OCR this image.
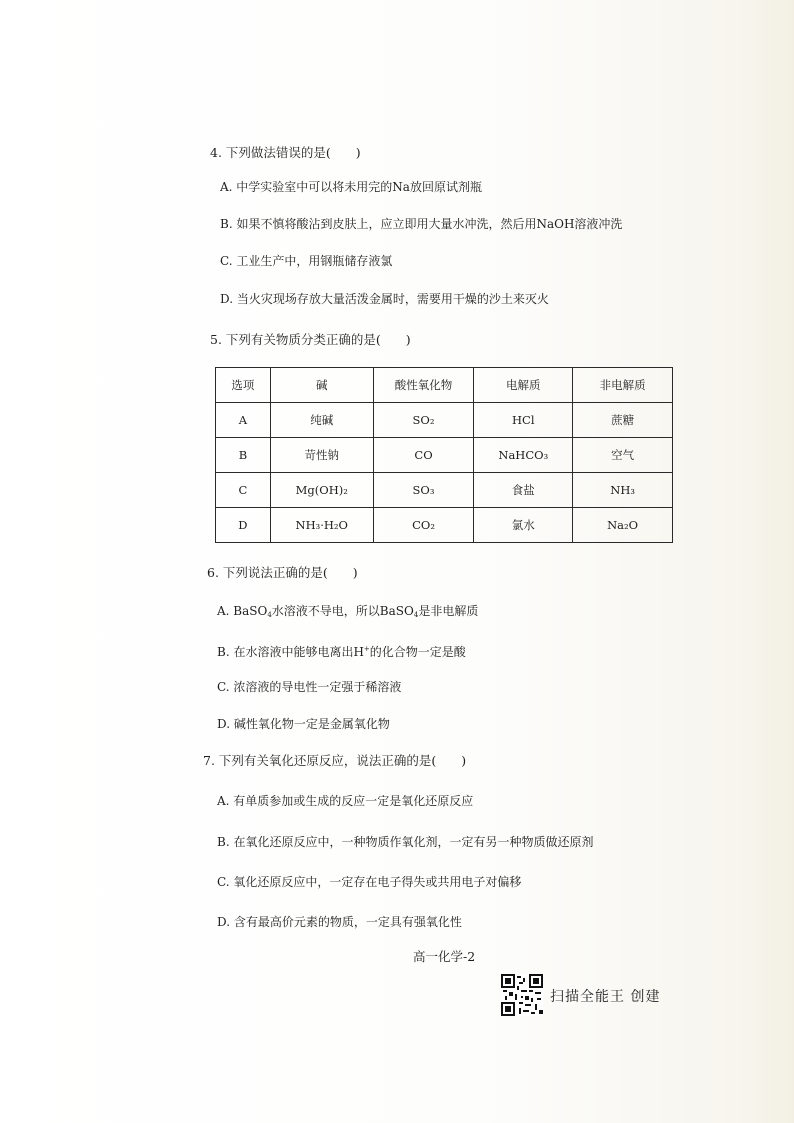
4. 下列做法错误的是(　　)
A. 中学实验室中可以将未用完的Na放回原试剂瓶
B. 如果不慎将酸沾到皮肤上，应立即用大量水冲洗，然后用NaOH溶液冲洗
C. 工业生产中，用钢瓶储存液氯
D. 当火灾现场存放大量活泼金属时，需要用干燥的沙土来灭火
5. 下列有关物质分类正确的是(　　)
选项	碱	酸性氧化物	电解质	非电解质
A	纯碱	SO₂	HCl	蔗糖
B	苛性钠	CO	NaHCO₃	空气
C	Mg(OH)₂	SO₃	食盐	NH₃
D	NH₃·H₂O	CO₂	氯水	Na₂O
6. 下列说法正确的是(　　)
A. BaSO$_4$水溶液不导电，所以BaSO$_4$是非电解质
B. 在水溶液中能够电离出H+的化合物一定是酸
C. 浓溶液的导电性一定强于稀溶液
D. 碱性氧化物一定是金属氧化物
7. 下列有关氧化还原反应，说法正确的是(　　)
A. 有单质参加或生成的反应一定是氧化还原反应
B. 在氧化还原反应中，一种物质作氧化剂，一定有另一种物质做还原剂
C. 氧化还原反应中，一定存在电子得失或共用电子对偏移
D. 含有最高价元素的物质，一定具有强氧化性
高一化学-2
扫描全能王 创建
